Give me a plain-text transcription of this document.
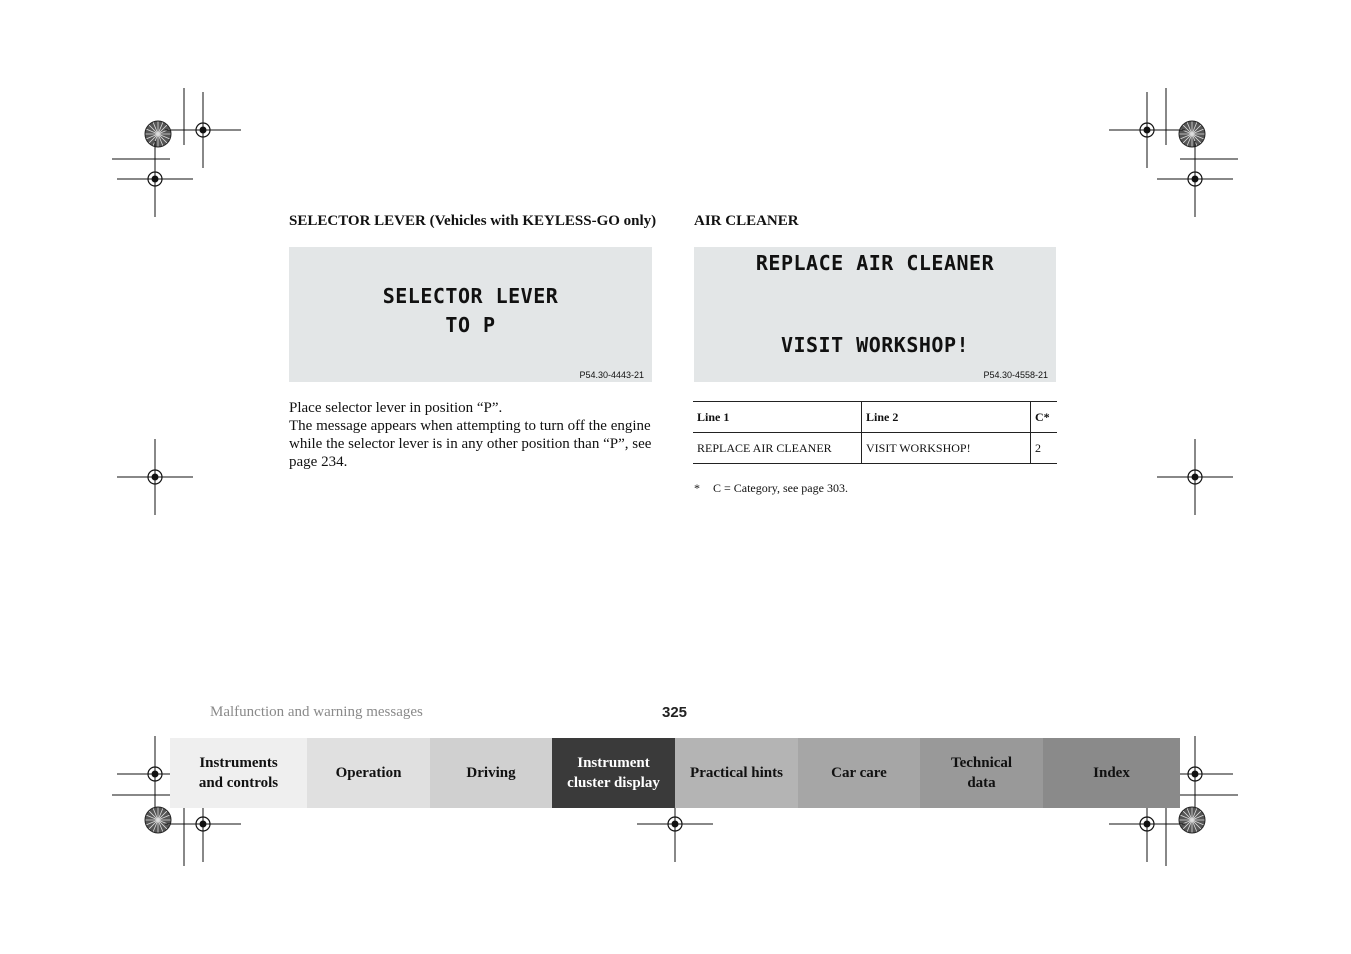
SELECTOR LEVER (Vehicles with KEYLESS-GO only)
SELECTOR LEVER
TO P
P54.30-4443-21
Place selector lever in position “P”.
The message appears when attempting to turn off the engine while the selector lever is in any other position than “P”, see page 234.
AIR CLEANER
REPLACE AIR CLEANER
VISIT WORKSHOP!
P54.30-4558-21
Line 1	Line 2	C*
REPLACE AIR CLEANER	VISIT WORKSHOP!	2
* C = Category, see page 303.
Malfunction and warning messages	325
Instruments
and controls
Operation	Driving
Instrument
cluster display
Practical hints	Car care
Technical
data
Index
